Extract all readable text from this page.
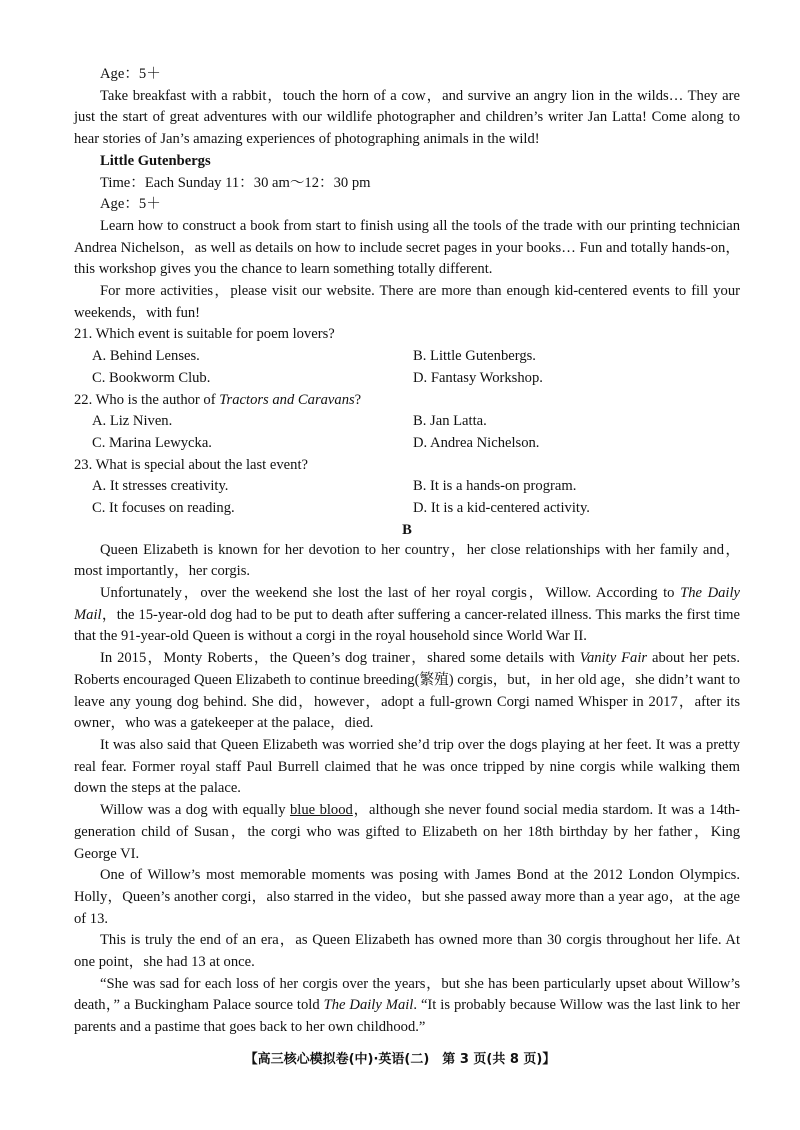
Age：5＋

Take breakfast with a rabbit，touch the horn of a cow，and survive an angry lion in the wilds… They are just the start of great adventures with our wildlife photographer and children’s writer Jan Latta! Come along to hear stories of Jan’s amazing experiences of photographing animals in the wild!

Little Gutenbergs

Time：Each Sunday 11：30 am～12：30 pm

Age：5＋

Learn how to construct a book from start to finish using all the tools of the trade with our printing technician Andrea Nichelson，as well as details on how to include secret pages in your books… Fun and totally hands-on，this workshop gives you the chance to learn something totally different.

For more activities，please visit our website. There are more than enough kid-centered events to fill your weekends，with fun!

21. Which event is suitable for poem lovers?
A. Behind Lenses.	B. Little Gutenbergs.
C. Bookworm Club.	D. Fantasy Workshop.
22. Who is the author of Tractors and Caravans?
A. Liz Niven.	B. Jan Latta.
C. Marina Lewycka.	D. Andrea Nichelson.
23. What is special about the last event?
A. It stresses creativity.	B. It is a hands-on program.
C. It focuses on reading.	D. It is a kid-centered activity.
B

Queen Elizabeth is known for her devotion to her country，her close relationships with her family and，most importantly，her corgis.

Unfortunately，over the weekend she lost the last of her royal corgis，Willow. According to The Daily Mail，the 15-year-old dog had to be put to death after suffering a cancer-related illness. This marks the first time that the 91-year-old Queen is without a corgi in the royal household since World War II.

In 2015，Monty Roberts，the Queen’s dog trainer，shared some details with Vanity Fair about her pets. Roberts encouraged Queen Elizabeth to continue breeding(繁殖) corgis，but，in her old age，she didn’t want to leave any young dog behind. She did，however，adopt a full-grown Corgi named Whisper in 2017，after its owner，who was a gatekeeper at the palace，died.

It was also said that Queen Elizabeth was worried she’d trip over the dogs playing at her feet. It was a pretty real fear. Former royal staff Paul Burrell claimed that he was once tripped by nine corgis while walking them down the steps at the palace.

Willow was a dog with equally blue blood，although she never found social media stardom. It was a 14th-generation child of Susan，the corgi who was gifted to Elizabeth on her 18th birthday by her father，King George VI.

One of Willow’s most memorable moments was posing with James Bond at the 2012 London Olympics. Holly，Queen’s another corgi，also starred in the video，but she passed away more than a year ago，at the age of 13.

This is truly the end of an era，as Queen Elizabeth has owned more than 30 corgis throughout her life. At one point，she had 13 at once.

“She was sad for each loss of her corgis over the years，but she has been particularly upset about Willow’s death，” a Buckingham Palace source told The Daily Mail. “It is probably because Willow was the last link to her parents and a pastime that goes back to her own childhood.”

【高三核心模拟卷(中)·英语(二)　第 3 页(共 8 页)】
